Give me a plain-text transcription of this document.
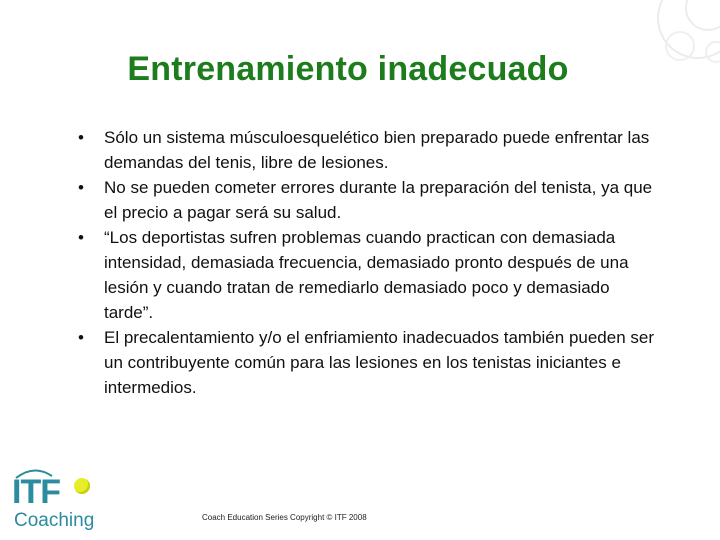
Entrenamiento inadecuado
•	Sólo un sistema músculoesquelético bien preparado puede enfrentar las demandas del tenis, libre de lesiones.
•	No se pueden cometer errores durante la preparación del tenista, ya que el precio a pagar será su salud.
•	“Los deportistas sufren problemas cuando practican con demasiada intensidad, demasiada frecuencia, demasiado pronto después de una lesión y cuando tratan de remediarlo demasiado poco y demasiado tarde”.
•	El precalentamiento y/o el enfriamiento inadecuados también pueden ser un contribuyente común para las lesiones en los tenistas iniciantes e intermedios.
ITF
Coaching	Coach Education Series Copyright © ITF 2008
